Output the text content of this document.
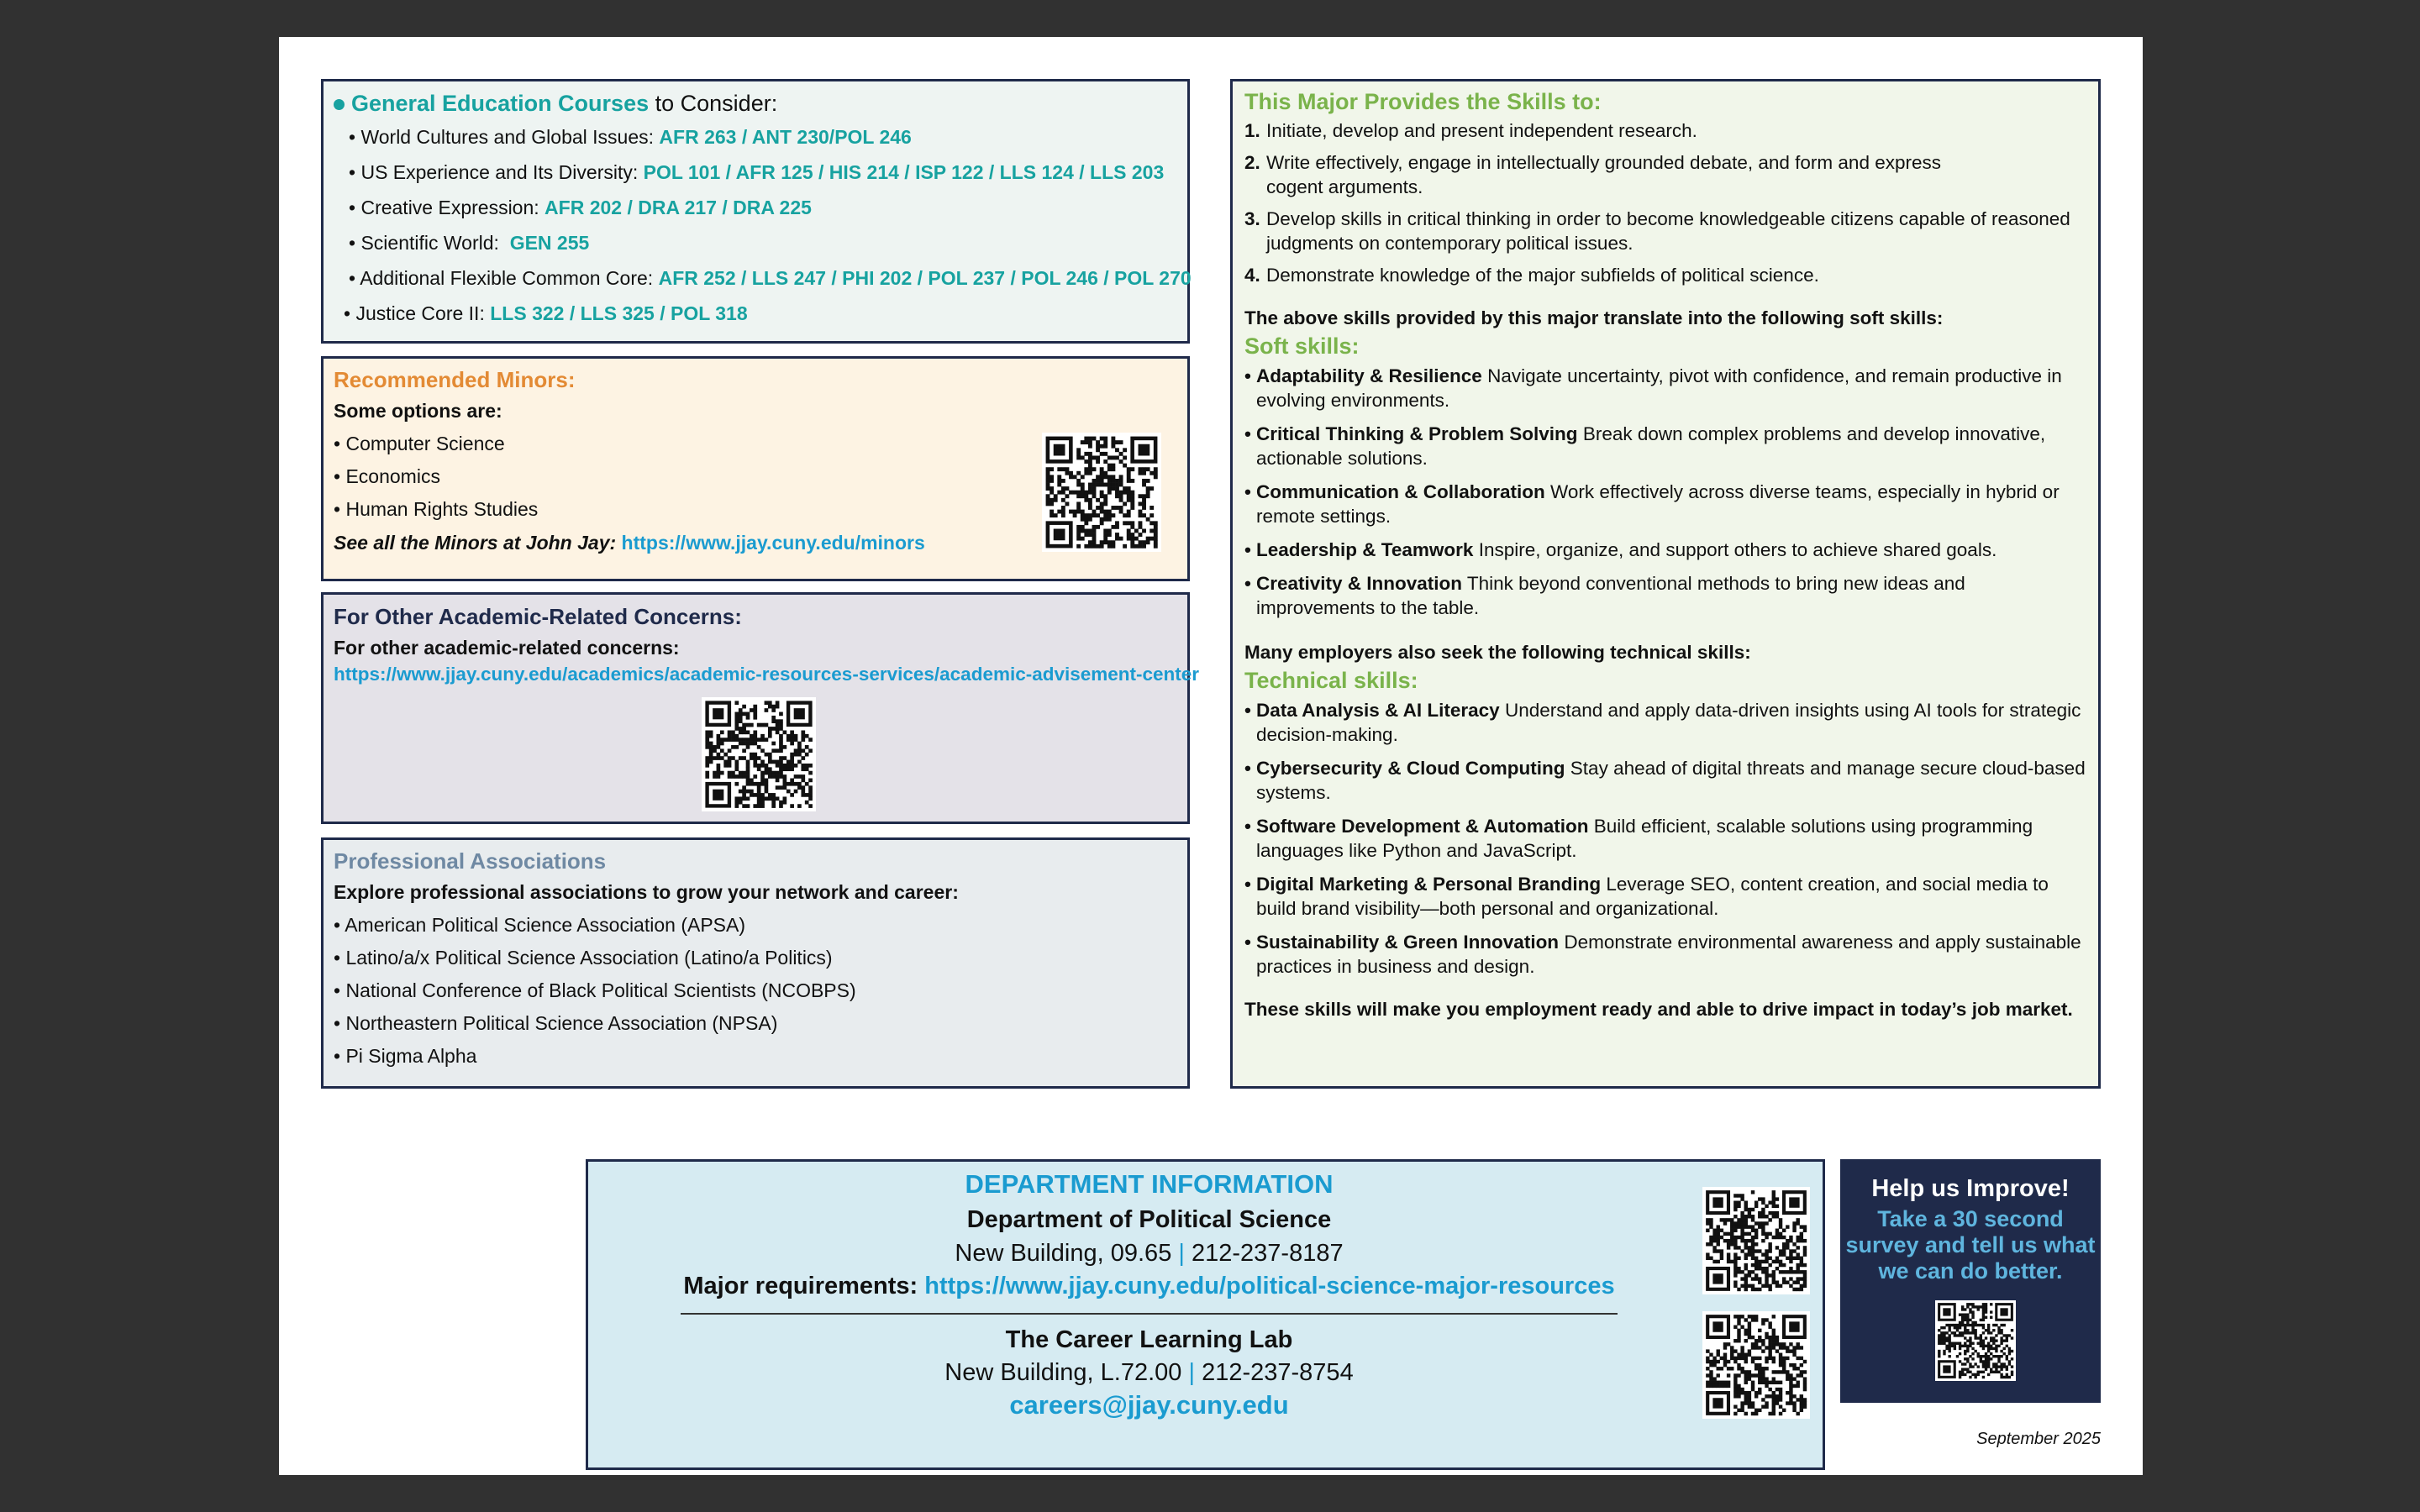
General Education Courses to Consider:
• World Cultures and Global Issues: AFR 263 / ANT 230/POL 246
• US Experience and Its Diversity: POL 101 / AFR 125 / HIS 214 / ISP 122 / LLS 124 / LLS 203
• Creative Expression: AFR 202 / DRA 217 / DRA 225
• Scientific World: GEN 255
• Additional Flexible Common Core: AFR 252 / LLS 247 / PHI 202 / POL 237 / POL 246 / POL 270
• Justice Core II: LLS 322 / LLS 325 / POL 318
Recommended Minors:
Some options are:
• Computer Science
• Economics
• Human Rights Studies
See all the Minors at John Jay: https://www.jjay.cuny.edu/minors
For Other Academic-Related Concerns:
For other academic-related concerns:
https://www.jjay.cuny.edu/academics/academic-resources-services/academic-advisement-center
Professional Associations
Explore professional associations to grow your network and career:
• American Political Science Association (APSA)
• Latino/a/x Political Science Association (Latino/a Politics)
• National Conference of Black Political Scientists (NCOBPS)
• Northeastern Political Science Association (NPSA)
• Pi Sigma Alpha
This Major Provides the Skills to:
1. Initiate, develop and present independent research.
2. Write effectively, engage in intellectually grounded debate, and form and express cogent arguments.
3. Develop skills in critical thinking in order to become knowledgeable citizens capable of reasoned judgments on contemporary political issues.
4. Demonstrate knowledge of the major subfields of political science.
The above skills provided by this major translate into the following soft skills:
Soft skills:
• Adaptability & Resilience Navigate uncertainty, pivot with confidence, and remain productive in evolving environments.
• Critical Thinking & Problem Solving Break down complex problems and develop innovative, actionable solutions.
• Communication & Collaboration Work effectively across diverse teams, especially in hybrid or remote settings.
• Leadership & Teamwork Inspire, organize, and support others to achieve shared goals.
• Creativity & Innovation Think beyond conventional methods to bring new ideas and improvements to the table.
Many employers also seek the following technical skills:
Technical skills:
• Data Analysis & AI Literacy Understand and apply data-driven insights using AI tools for strategic decision-making.
• Cybersecurity & Cloud Computing Stay ahead of digital threats and manage secure cloud-based systems.
• Software Development & Automation Build efficient, scalable solutions using programming languages like Python and JavaScript.
• Digital Marketing & Personal Branding Leverage SEO, content creation, and social media to build brand visibility—both personal and organizational.
• Sustainability & Green Innovation Demonstrate environmental awareness and apply sustainable practices in business and design.
These skills will make you employment ready and able to drive impact in today’s job market.
DEPARTMENT INFORMATION
Department of Political Science
New Building, 09.65 | 212-237-8187
Major requirements: https://www.jjay.cuny.edu/political-science-major-resources
The Career Learning Lab
New Building, L.72.00 | 212-237-8754
careers@jjay.cuny.edu
Help us Improve!
Take a 30 second
survey and tell us what
we can do better.
September 2025
